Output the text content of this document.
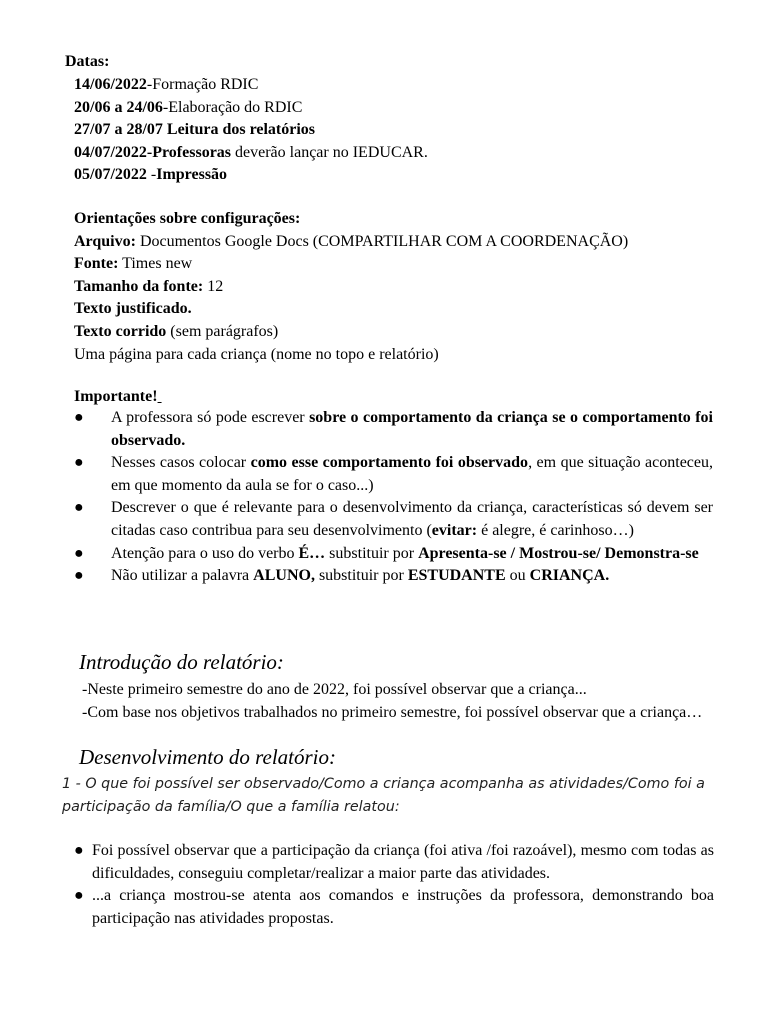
Datas:
14/06/2022-Formação RDIC
20/06 a 24/06-Elaboração do RDIC
27/07 a 28/07 Leitura dos relatórios
04/07/2022-Professoras deverão lançar no IEDUCAR.
05/07/2022 -Impressão
Orientações sobre configurações:
Arquivo: Documentos Google Docs (COMPARTILHAR COM A COORDENAÇÃO)
Fonte: Times new
Tamanho da fonte: 12
Texto justificado.
Texto corrido (sem parágrafos)
Uma página para cada criança (nome no topo e relatório)
Importante!
● A professora só pode escrever sobre o comportamento da criança se o comportamento foi observado.
● Nesses casos colocar como esse comportamento foi observado, em que situação aconteceu, em que momento da aula se for o caso...)
● Descrever o que é relevante para o desenvolvimento da criança, características só devem ser citadas caso contribua para seu desenvolvimento (evitar: é alegre, é carinhoso…)
● Atenção para o uso do verbo É… substituir por Apresenta-se / Mostrou-se/ Demonstra-se
● Não utilizar a palavra ALUNO, substituir por ESTUDANTE ou CRIANÇA.
Introdução do relatório:
-Neste primeiro semestre do ano de 2022, foi possível observar que a criança...
-Com base nos objetivos trabalhados no primeiro semestre, foi possível observar que a criança…
Desenvolvimento do relatório:
1 - O que foi possível ser observado/Como a criança acompanha as atividades/Como foi a participação da família/O que a família relatou:
● Foi possível observar que a participação da criança (foi ativa /foi razoável), mesmo com todas as dificuldades, conseguiu completar/realizar a maior parte das atividades.
● ...a criança mostrou-se atenta aos comandos e instruções da professora, demonstrando boa participação nas atividades propostas.
